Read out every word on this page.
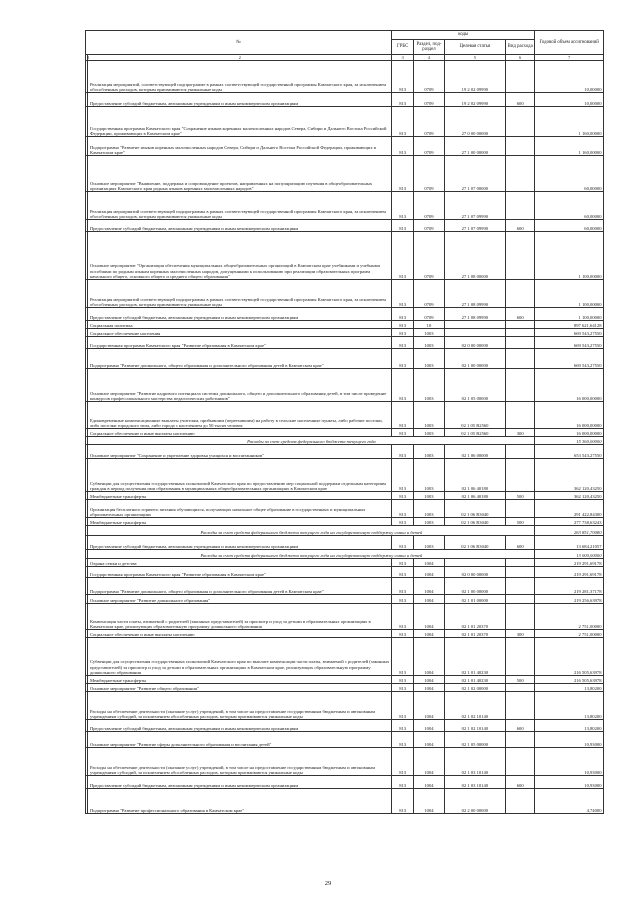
№		коды				Годовой объем ассигнований
		ГРБС	Раздел, под-раздел	Целевая статья	Вид расхода	
1	2	3	4	5	6	7
	Реализация мероприятий, соответствующей подпрограмме в рамках соответствующей государственной программы Камчатского края, за исключением обособленных расходов, которым присваиваются уникальные коды	813	0709	19 2 02 09990		10,00000
	Предоставление субсидий бюджетным, автономным учреждениям и иным некоммерческим организациям	813	0709	19 2 02 09990	600	10,00000
	Государственная программа Камчатского края "Сохранение языков коренных малочисленных народов Севера, Сибири и Дальнего Востока Российской Федерации, проживающих в Камчатском крае"	813	0709	27 0 00 00000		1 160,00000
	Подпрограмма "Развитие языков коренных малочисленных народов Севера, Сибири и Дальнего Востока Российской Федерации, проживающих в Камчатском крае"	813	0709	27 1 00 00000		1 160,00000
	Основное мероприятие "Выявление, поддержка и сопровождение проектов, направленных на популяризацию изучения в общеобразовательных организациях Камчатского края родных языков коренных малочисленных народов"	813	0709	27 1 07 00000		60,00000
	Реализация мероприятий соответствующей подпрограммы в рамках соответствующей государственной программы Камчатского края, за исключением обособленных расходов, которым присваиваются уникальные коды	813	0709	27 1 07 09990		60,00000
	Предоставление субсидий бюджетным, автономным учреждениям и иным некоммерческим организациям	813	0709	27 1 07 09990	600	60,00000
	Основное мероприятие "Организация обеспечения муниципальных общеобразовательных организаций в Камчатском крае учебниками и учебными пособиями по родным языкам коренных малочисленных народов, допущенными к использованию при реализации образовательных программ начального общего, основного общего и среднего общего образования"	813	0709	27 1 08 00000		1 100,00000
	Реализация мероприятий соответствующей подпрограммы в рамках соответствующей государственной программы Камчатского края, за исключением обособленных расходов, которым присваиваются уникальные коды	813	0709	27 1 08 09990		1 100,00000
	Предоставление субсидий бюджетным, автономным учреждениям и иным некоммерческим организациям	813	0709	27 1 08 09990	600	1 100,00000
	Социальная политика	813	10			897 621,64128
	Социальное обеспечение населения	813	1003			669 543,27550
	Государственная программа Камчатского края "Развитие образования в Камчатском крае"	813	1003	02 0 00 00000		669 543,27550
	Подпрограмма "Развитие дошкольного, общего образования и дополнительного образования детей в Камчатском крае"	813	1003	02 1 00 00000		669 543,27550
	Основное мероприятие "Развитие кадрового потенциала системы дошкольного, общего и дополнительного образования детей, в том числе проведение конкурсов профессионального мастерства педагогических работников"	813	1003	02 1 05 00000		16 000,00000
	Единовременные компенсационные выплаты учителям, прибывшим (переехавшим) на работу в сельские населенные пункты, либо рабочие поселки, либо поселки городского типа, либо города с населением до 50 тысяч человек	813	1003	02 1 05 R2560		16 000,00000
	Социальное обеспечение и иные выплаты населению	813	1003	02 1 05 R2560	300	16 000,00000
	Расходы за счет средств федерального бюджета текущего года					15 360,00000
	Основное мероприятие "Сохранение и укрепление здоровья учащихся и воспитанников"	813	1003	02 1 06 00000		653 543,27550
	Субвенции для осуществления государственных полномочий Камчатского края по предоставлению мер социальной поддержки отдельным категориям граждан в период получения ими образования в муниципальных общеобразовательных организациях в Камчатском крае	813	1003	02 1 06 40180		362 120,43250
	Межбюджетные трансферты	813	1003	02 1 06 40180	500	362 120,43250
	Организация бесплатного горячего питания обучающихся, получающих начальное общее образование в государственных и муниципальных образовательных организациях	813	1003	02 1 06 R3040		291 422,84300
	Межбюджетные трансферты	813	1003	02 1 06 R3040	500	277 738,63243
	Расходы за счет средств федерального бюджета текущего года на государственную поддержку семьи и детей					263 851,70080
	Предоставление субсидий бюджетным, автономным учреждениям и иным некоммерческим организациям	813	1003	02 1 06 R3040	600	13 684,21057
	Расходы за счет средств федерального бюджета текущего года на государственную поддержку семьи и детей					13 000,00000
	Охрана семьи и детства	813	1004			219 291,69178
	Государственная программа Камчатского края "Развитие образования в Камчатском крае"	813	1004	02 0 00 00000		219 291,69178
	Подпрограмма "Развитие дошкольного, общего образования и дополнительного образования детей в Камчатском крае"	813	1004	02 1 00 00000		219 281,37178
	Основное мероприятие "Развитие дошкольного образования"	813	1004	02 1 01 00000		219 256,63978
	Компенсация части платы, взимаемой с родителей (законных представителей) за присмотр и уход за детьми в образовательных организациях в Камчатском крае, реализующих образовательную программу дошкольного образования	813	1004	02 1 01 20370		2 751,00000
	Социальное обеспечение и иные выплаты населению	813	1004	02 1 01 20370	300	2 751,00000
	Субвенции для осуществления государственных полномочий Камчатского края по выплате компенсации части платы, взимаемой с родителей (законных представителей) за присмотр и уход за детьми в образовательных организациях в Камчатском крае, реализующих образовательную программу дошкольного образования	813	1004	02 1 01 40230		216 505,63978
	Межбюджетные трансферты	813	1004	02 1 01 40230	500	216 505,63978
	Основное мероприятие "Развитие общего образования"	813	1004	02 1 02 00000		13,80200
	Расходы на обеспечение деятельности (оказание услуг) учреждений, в том числе на предоставление государственным бюджетным и автономным учреждениям субсидий, за исключением обособленных расходов, которым присваиваются уникальные коды	813	1004	02 1 02 10140		13,80200
	Предоставление субсидий бюджетным, автономным учреждениям и иным некоммерческим организациям	813	1004	02 1 02 10140	600	13,80200
	Основное мероприятие "Развитие сферы дополнительного образования и воспитания детей"	813	1004	02 1 05 00000		10,93000
	Расходы на обеспечение деятельности (оказание услуг) учреждений, в том числе на предоставление государственным бюджетным и автономным учреждениям субсидий, за исключением обособленных расходов, которым присваиваются уникальные коды	813	1004	02 1 03 10140		10,93000
	Предоставление субсидий бюджетным, автономным учреждениям и иным некоммерческим организациям	813	1004	02 1 03 10140	600	10,93000
	Подпрограмма "Развитие профессионального образования в Камчатском крае"	813	1004	02 2 00 00000		4,74000
29
